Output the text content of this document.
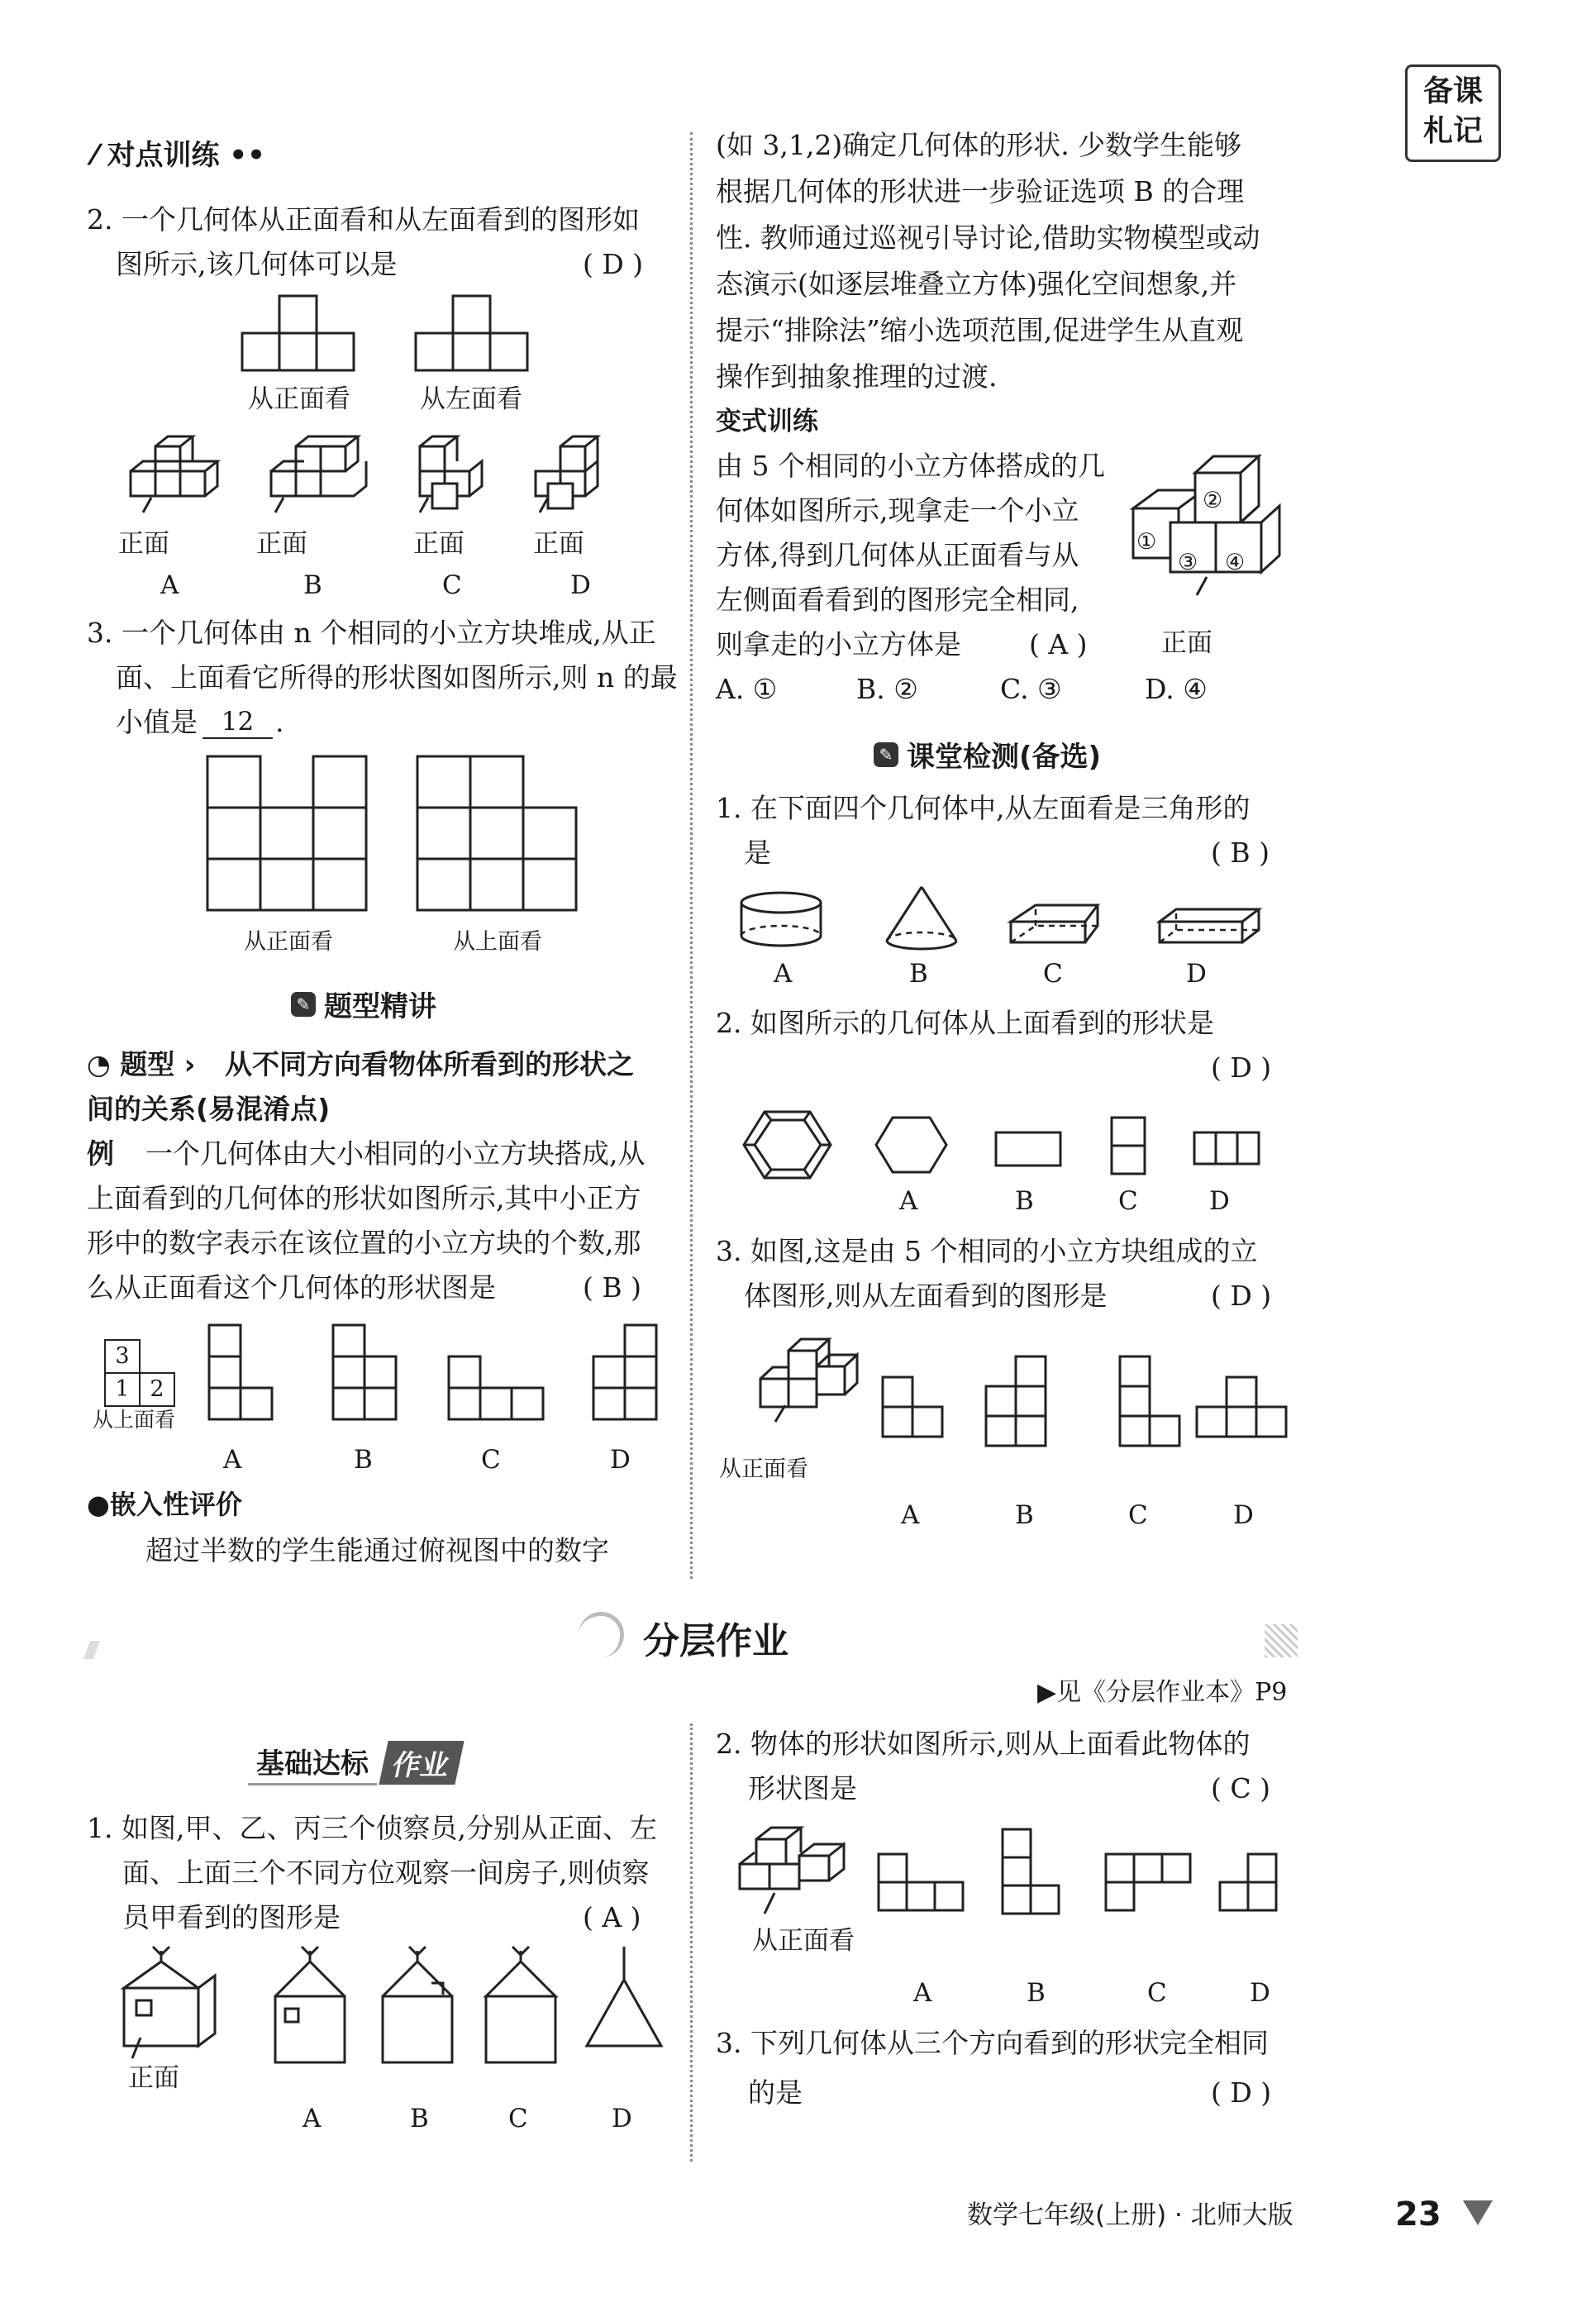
备课
札记
⁄ 对点训练 ••
2. 一个几何体从正面看和从左面看到的图形如
图所示,该几何体可以是	( D )
从正面看	从左面看
正面	正面	正面	正面
A	B	C	D
3. 一个几何体由 n 个相同的小立方块堆成,从正
面、上面看它所得的形状图如图所示,则 n 的最
小值是 12 .
从正面看	从上面看
✎ 题型精讲
◔ 题型 › 从不同方向看物体所看到的形状之
间的关系(易混淆点)
例 一个几何体由大小相同的小立方块搭成,从
上面看到的几何体的形状如图所示,其中小正方
形中的数字表示在该位置的小立方块的个数,那
么从正面看这个几何体的形状图是	( B )
3
1 2
从上面看
A	B	C	D
●嵌入性评价
超过半数的学生能通过俯视图中的数字
(如 3,1,2)确定几何体的形状. 少数学生能够
根据几何体的形状进一步验证选项 B 的合理
性. 教师通过巡视引导讨论,借助实物模型或动
态演示(如逐层堆叠立方体)强化空间想象,并
提示“排除法”缩小选项范围,促进学生从直观
操作到抽象推理的过渡.
变式训练
由 5 个相同的小立方体搭成的几
何体如图所示,现拿走一个小立
方体,得到几何体从正面看与从
左侧面看看到的图形完全相同,
则拿走的小立方体是 ( A )
①
②
③ ④
正面
A. ①	B. ②	C. ③	D. ④
✎ 课堂检测(备选)
1. 在下面四个几何体中,从左面看是三角形的
是	( B )
A	B	C	D
2. 如图所示的几何体从上面看到的形状是
( D )
A	B	C	D
3. 如图,这是由 5 个相同的小立方块组成的立
体图形,则从左面看到的图形是	( D )
从正面看
A	B	C	D
分层作业
▶见《分层作业本》P9
基础达标 作业
1. 如图,甲、乙、丙三个侦察员,分别从正面、左
面、上面三个不同方位观察一间房子,则侦察
员甲看到的图形是	( A )
正面
A	B	C	D
2. 物体的形状如图所示,则从上面看此物体的
形状图是	( C )
从正面看
A	B	C	D
3. 下列几何体从三个方向看到的形状完全相同
的是	( D )
数学七年级(上册) · 北师大版	23
